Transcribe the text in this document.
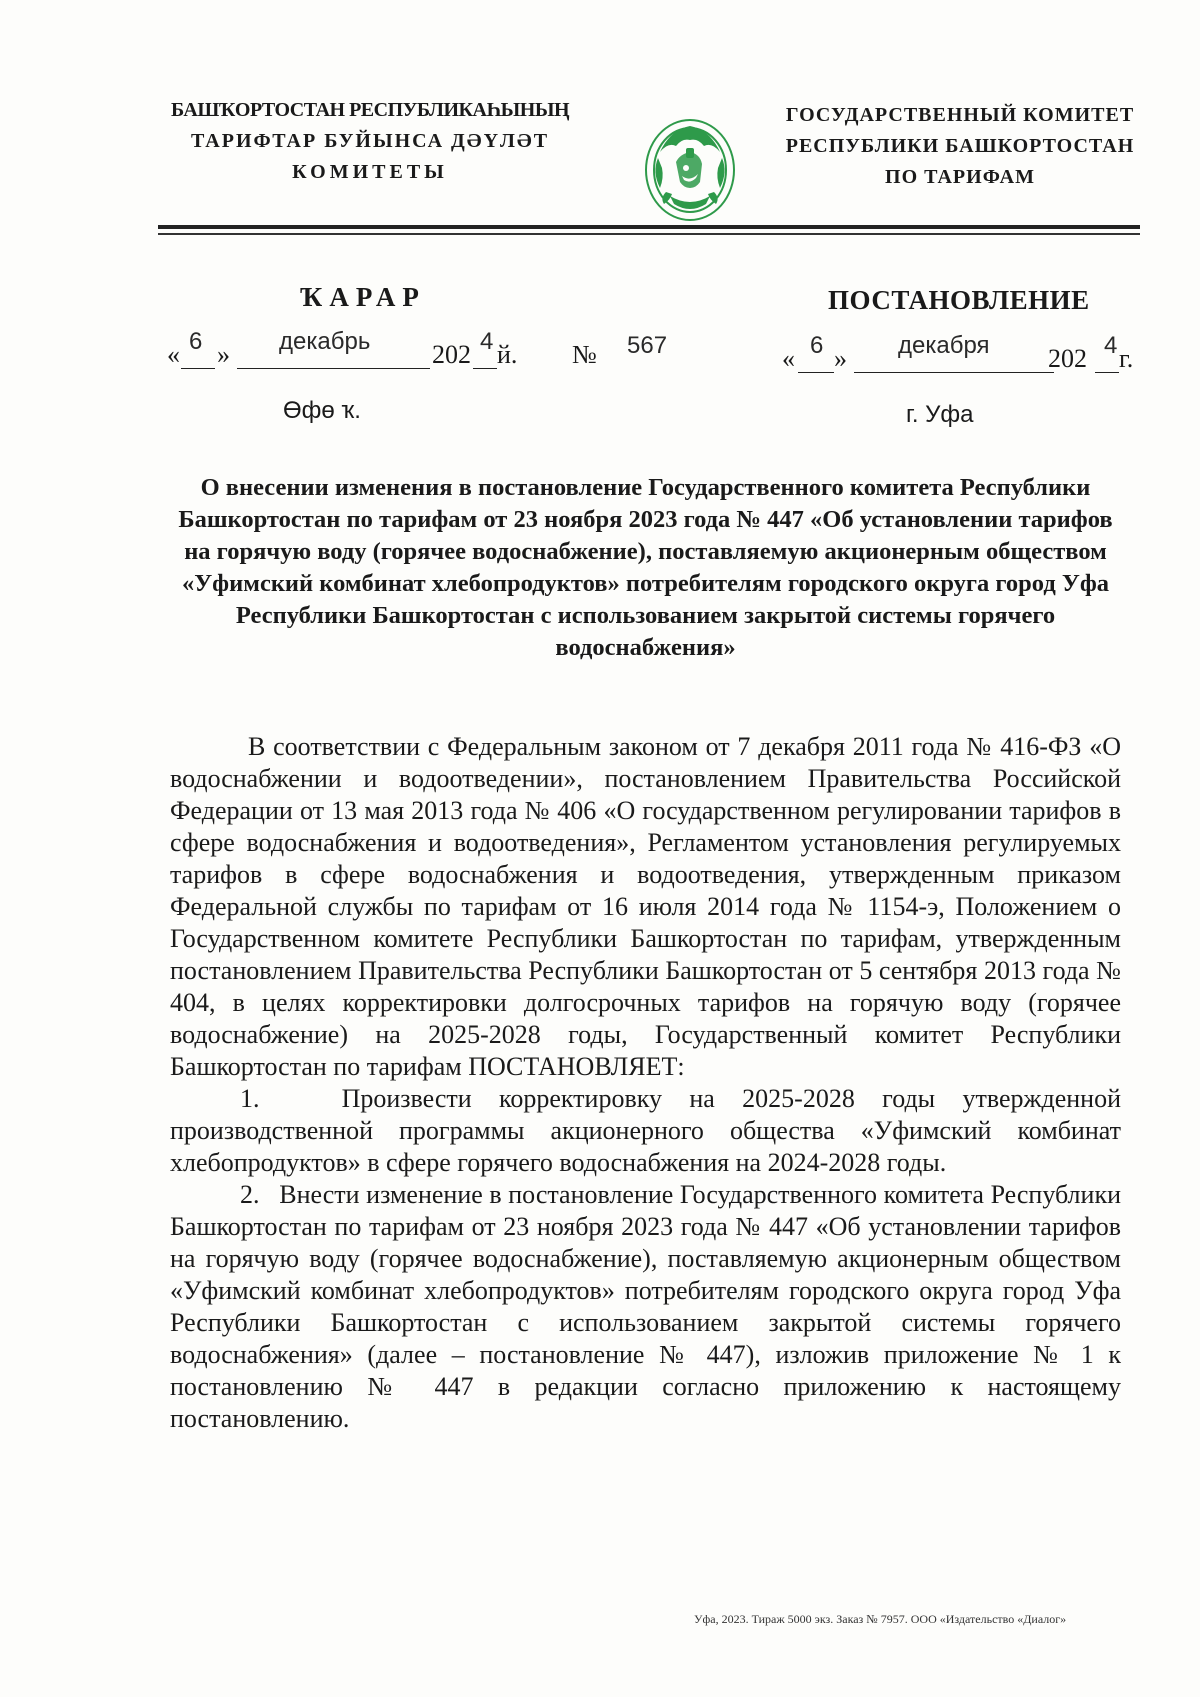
БАШҠОРТОСТАН РЕСПУБЛИКАҺЫНЫҢ
ТАРИФТАР БУЙЫНСА ДӘҮЛӘТ
КОМИТЕТЫ
ГОСУДАРСТВЕННЫЙ КОМИТЕТ
РЕСПУБЛИКИ БАШКОРТОСТАН
ПО ТАРИФАМ
ҠАРАР	ПОСТАНОВЛЕНИЕ
« 6 » декабрь 202 4 й. № 567	« 6 » декабря 202 4 г.
Өфө ҡ.	г. Уфа
О внесении изменения в постановление Государственного комитета Республики Башкортостан по тарифам от 23 ноября 2023 года № 447 «Об установлении тарифов на горячую воду (горячее водоснабжение), поставляемую акционерным обществом «Уфимский комбинат хлебопродуктов» потребителям городского округа город Уфа Республики Башкортостан с использованием закрытой системы горячего водоснабжения»

В соответствии с Федеральным законом от 7 декабря 2011 года № 416-ФЗ «О водоснабжении и водоотведении», постановлением Правительства Российской Федерации от 13 мая 2013 года № 406 «О государственном регулировании тарифов в сфере водоснабжения и водоотведения», Регламентом установления регулируемых тарифов в сфере водоснабжения и водоотведения, утвержденным приказом Федеральной службы по тарифам от 16 июля 2014 года № 1154-э, Положением о Государственном комитете Республики Башкортостан по тарифам, утвержденным постановлением Правительства Республики Башкортостан от 5 сентября 2013 года № 404, в целях корректировки долгосрочных тарифов на горячую воду (горячее водоснабжение) на 2025-2028 годы, Государственный комитет Республики Башкортостан по тарифам ПОСТАНОВЛЯЕТ:

1.   Произвести корректировку на 2025-2028 годы утвержденной производственной программы акционерного общества «Уфимский комбинат хлебопродуктов» в сфере горячего водоснабжения на 2024-2028 годы.

2.   Внести изменение в постановление Государственного комитета Республики Башкортостан по тарифам от 23 ноября 2023 года № 447 «Об установлении тарифов на горячую воду (горячее водоснабжение), поставляемую акционерным обществом «Уфимский комбинат хлебопродуктов» потребителям городского округа город Уфа Республики Башкортостан с использованием закрытой системы горячего водоснабжения» (далее – постановление № 447), изложив приложение № 1 к постановлению № 447 в редакции согласно приложению к настоящему постановлению.

Уфа, 2023. Тираж 5000 экз. Заказ № 7957. ООО «Издательство «Диалог»
